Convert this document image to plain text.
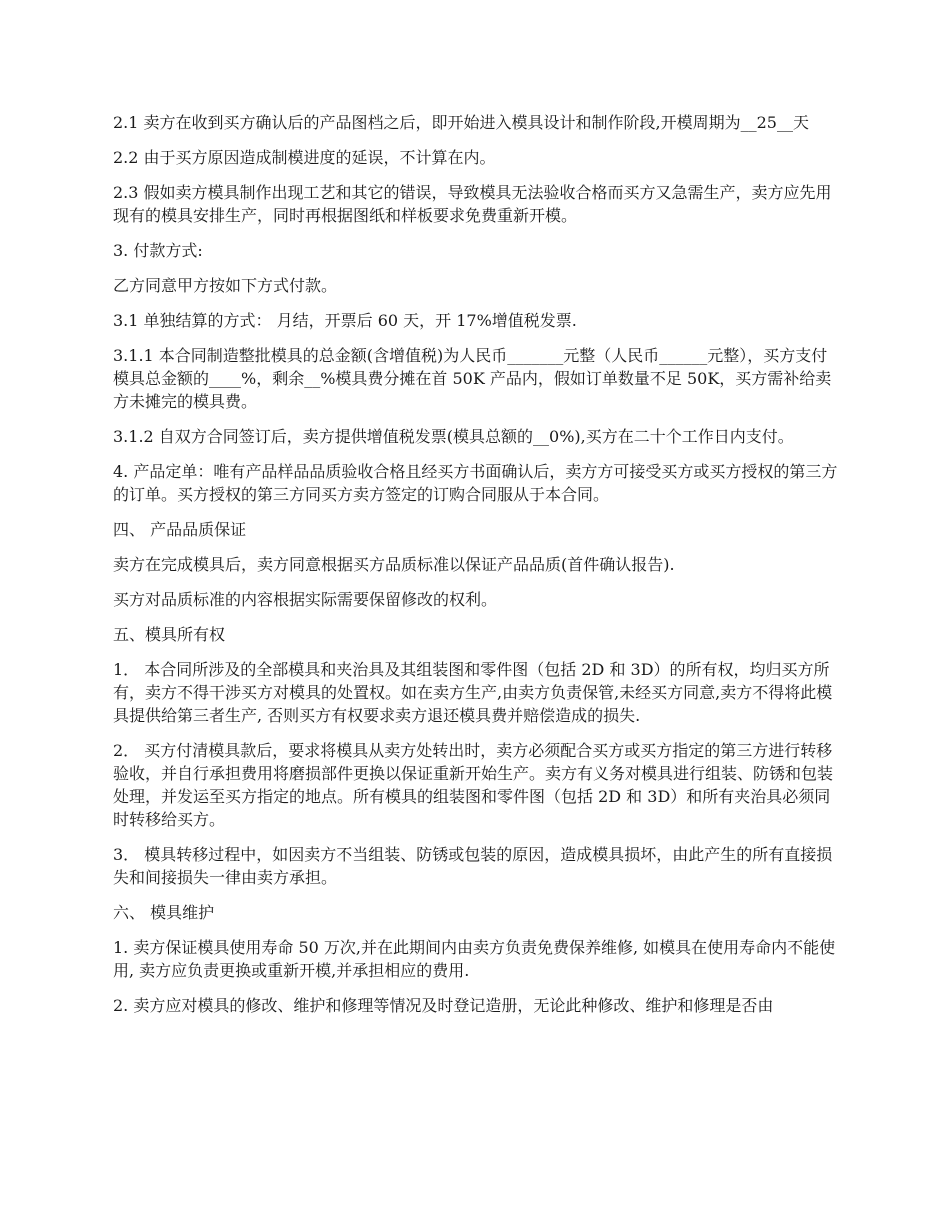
2.1 卖方在收到买方确认后的产品图档之后，即开始进入模具设计和制作阶段,开模周期为__25__天

2.2 由于买方原因造成制模进度的延误，不计算在内。

2.3 假如卖方模具制作出现工艺和其它的错误，导致模具无法验收合格而买方又急需生产，卖方应先用现有的模具安排生产，同时再根据图纸和样板要求免费重新开模。

3. 付款方式:

乙方同意甲方按如下方式付款。

3.1 单独结算的方式： 月结，开票后 60 天，开 17%增值税发票.

3.1.1 本合同制造整批模具的总金额(含增值税)为人民币_______元整（人民币______元整），买方支付模具总金额的____%，剩余__%模具费分摊在首 50K 产品内，假如订单数量不足 50K，买方需补给卖方未摊完的模具费。

3.1.2 自双方合同签订后，卖方提供增值税发票(模具总额的__0%),买方在二十个工作日内支付。

4. 产品定单：唯有产品样品品质验收合格且经买方书面确认后，卖方方可接受买方或买方授权的第三方的订单。买方授权的第三方同买方卖方签定的订购合同服从于本合同。

四、 产品品质保证

卖方在完成模具后，卖方同意根据买方品质标准以保证产品品质(首件确认报告).

买方对品质标准的内容根据实际需要保留修改的权利。

五、模具所有权

1． 本合同所涉及的全部模具和夹治具及其组装图和零件图（包括 2D 和 3D）的所有权，均归买方所有，卖方不得干涉买方对模具的处置权。如在卖方生产,由卖方负责保管,未经买方同意,卖方不得将此模具提供给第三者生产, 否则买方有权要求卖方退还模具费并赔偿造成的损失.

2． 买方付清模具款后，要求将模具从卖方处转出时，卖方必须配合买方或买方指定的第三方进行转移验收，并自行承担费用将磨损部件更换以保证重新开始生产。卖方有义务对模具进行组装、防锈和包装处理，并发运至买方指定的地点。所有模具的组装图和零件图（包括 2D 和 3D）和所有夹治具必须同时转移给买方。

3． 模具转移过程中，如因卖方不当组装、防锈或包装的原因，造成模具损坏，由此产生的所有直接损失和间接损失一律由卖方承担。

六、 模具维护

1. 卖方保证模具使用寿命 50 万次,并在此期间内由卖方负责免费保养维修, 如模具在使用寿命内不能使用, 卖方应负责更换或重新开模,并承担相应的费用.

2. 卖方应对模具的修改、维护和修理等情况及时登记造册，无论此种修改、维护和修理是否由
